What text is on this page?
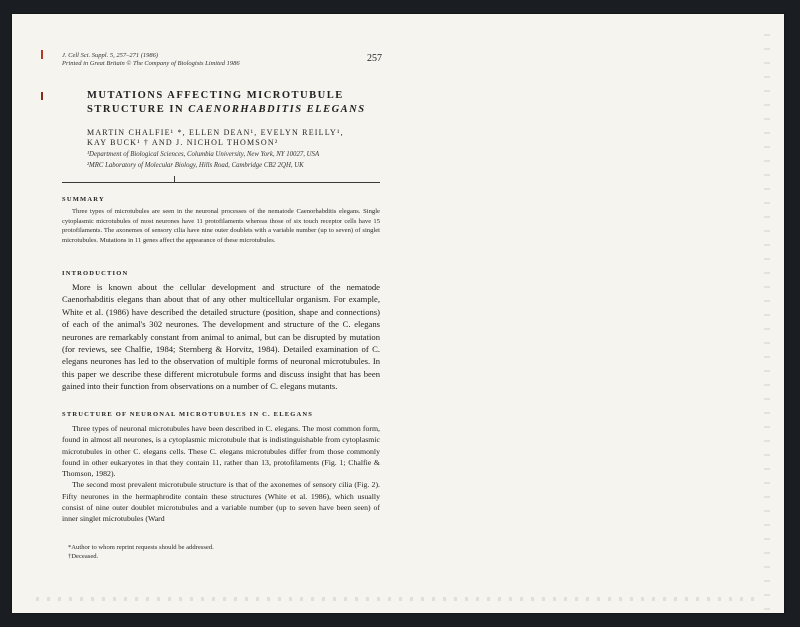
J. Cell Sci. Suppl. 5, 257–271 (1986)
Printed in Great Britain © The Company of Biologists Limited 1986	257
MUTATIONS AFFECTING MICROTUBULE
STRUCTURE IN CAENORHABDITIS ELEGANS
MARTIN CHALFIE¹ *, ELLEN DEAN¹, EVELYN REILLY¹,
KAY BUCK¹ † AND J. NICHOL THOMSON²
¹Department of Biological Sciences, Columbia University, New York, NY 10027, USA
²MRC Laboratory of Molecular Biology, Hills Road, Cambridge CB2 2QH, UK
SUMMARY
Three types of microtubules are seen in the neuronal processes of the nematode Caenorhabditis elegans. Single cytoplasmic microtubules of most neurones have 11 protofilaments whereas those of six touch receptor cells have 15 protofilaments. The axonemes of sensory cilia have nine outer doublets with a variable number (up to seven) of singlet microtubules. Mutations in 11 genes affect the appearance of these microtubules.
INTRODUCTION
More is known about the cellular development and structure of the nematode Caenorhabditis elegans than about that of any other multicellular organism. For example, White et al. (1986) have described the detailed structure (position, shape and connections) of each of the animal's 302 neurones. The development and structure of the C. elegans neurones are remarkably constant from animal to animal, but can be disrupted by mutation (for reviews, see Chalfie, 1984; Sternberg & Horvitz, 1984). Detailed examination of C. elegans neurones has led to the observation of multiple forms of neuronal microtubules. In this paper we describe these different microtubule forms and discuss insight that has been gained into their function from observations on a number of C. elegans mutants.
STRUCTURE OF NEURONAL MICROTUBULES IN C. ELEGANS

Three types of neuronal microtubules have been described in C. elegans. The most common form, found in almost all neurones, is a cytoplasmic microtubule that is indistinguishable from cytoplasmic microtubules in other C. elegans cells. These C. elegans microtubules differ from those commonly found in other eukaryotes in that they contain 11, rather than 13, protofilaments (Fig. 1; Chalfie & Thomson, 1982).

The second most prevalent microtubule structure is that of the axonemes of sensory cilia (Fig. 2). Fifty neurones in the hermaphrodite contain these structures (White et al. 1986), which usually consist of nine outer doublet microtubules and a variable number (up to seven have been seen) of inner singlet microtubules (Ward

*Author to whom reprint requests should be addressed.
†Deceased.
